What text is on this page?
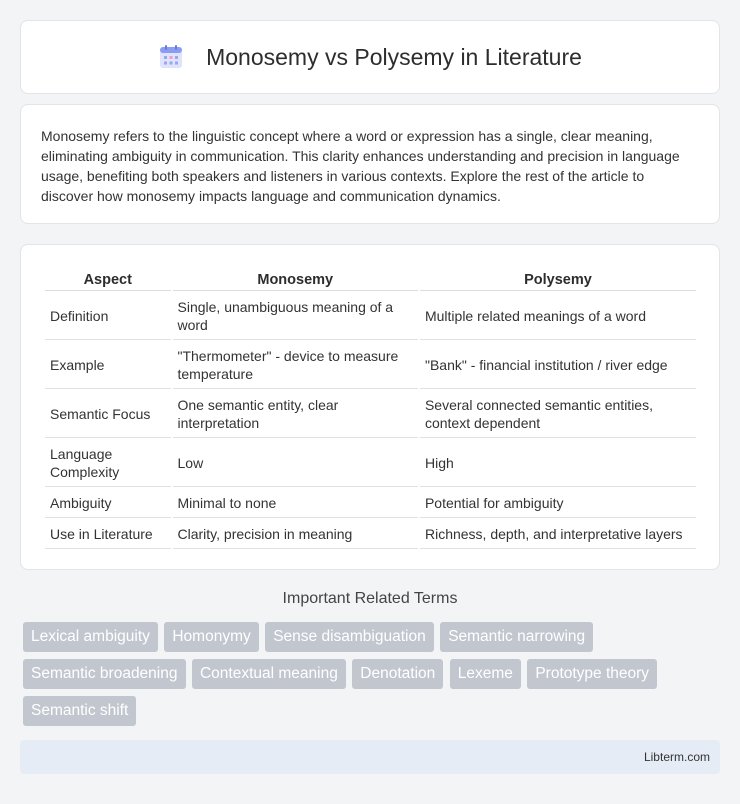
Monosemy vs Polysemy in Literature

Monosemy refers to the linguistic concept where a word or expression has a single, clear meaning, eliminating ambiguity in communication. This clarity enhances understanding and precision in language usage, benefiting both speakers and listeners in various contexts. Explore the rest of the article to discover how monosemy impacts language and communication dynamics.

Aspect	Monosemy	Polysemy
Definition	Single, unambiguous meaning of a word	Multiple related meanings of a word
Example	"Thermometer" - device to measure temperature	"Bank" - financial institution / river edge
Semantic Focus	One semantic entity, clear interpretation	Several connected semantic entities, context dependent
Language Complexity	Low	High
Ambiguity	Minimal to none	Potential for ambiguity
Use in Literature	Clarity, precision in meaning	Richness, depth, and interpretative layers
Important Related Terms
Lexical ambiguity Homonymy Sense disambiguation Semantic narrowing Semantic broadening Contextual meaning Denotation Lexeme Prototype theory Semantic shift
Libterm.com
